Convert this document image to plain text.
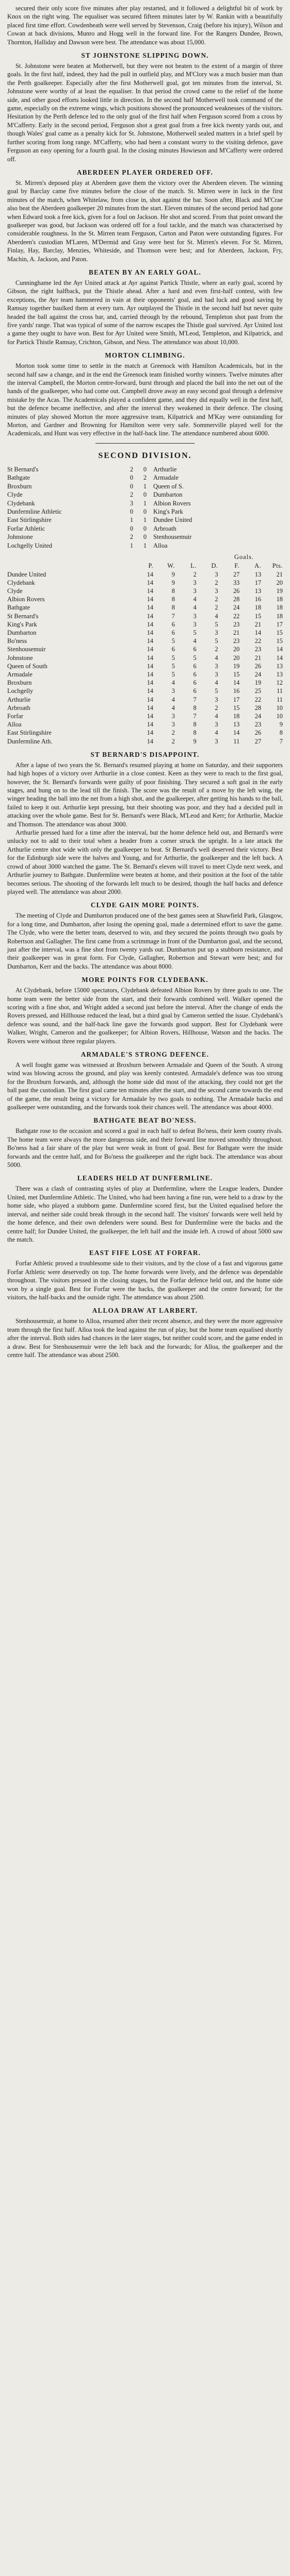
secured their only score five minutes after play restarted, and it followed a delightful bit of work by Knox on the right wing. The equaliser was secured fifteen minutes later by W. Rankin with a beautifully placed first time effort. Cowdenbeath were well served by Stevenson, Craig (before his injury), Wilson and Cowan at back divisions, Munro and Hogg well in the forward line. For the Rangers Dundee, Brown, Thornton, Halliday and Dawson were best. The attendance was about 15,000.

ST JOHNSTONE SLIPPING DOWN.

St. Johnstone were beaten at Motherwell, but they were not beaten to the extent of a margin of three goals. In the first half, indeed, they had the pull in outfield play, and M'Clory was a much busier man than the Perth goalkeeper. Especially after the first Motherwell goal, got ten minutes from the interval, St. Johnstone were worthy of at least the equaliser. In that period the crowd came to the relief of the home side, and other good efforts looked little in direction. In the second half Motherwell took command of the game, especially on the extreme wings, which positions showed the pronounced weaknesses of the visitors. Hesitation by the Perth defence led to the only goal of the first half when Ferguson scored from a cross by M'Cafferty. Early in the second period, Ferguson shot a great goal from a free kick twenty yards out, and though Wales' goal came as a penalty kick for St. Johnstone, Motherwell sealed matters in a brief spell by further scoring from long range. M'Cafferty, who had been a constant worry to the visiting defence, gave Ferguson an easy opening for a fourth goal. In the closing minutes Howieson and M'Cafferty were ordered off.

ABERDEEN PLAYER ORDERED OFF.

St. Mirren's deposed play at Aberdeen gave them the victory over the Aberdeen eleven. The winning goal by Barclay came five minutes before the close of the match. St. Mirren were in luck in the first minutes of the match, when Whitelaw, from close in, shot against the bar. Soon after, Black and M'Crae also beat the Aberdeen goalkeeper 20 minutes from the start. Eleven minutes of the second period had gone when Edward took a free kick, given for a foul on Jackson. He shot and scored. From that point onward the goalkeeper was good, but Jackson was ordered off for a foul tackle, and the match was characterised by considerable roughness. In the St. Mirren team Ferguson, Carton and Paton were outstanding figures. For Aberdeen's custodian M'Laren, M'Dermid and Gray were best for St. Mirren's eleven. For St. Mirren, Finlay, Hay, Barclay, Menzies, Whiteside, and Thomson were best; and for Aberdeen, Jackson, Fry, Machin, A. Jackson, and Paton.

BEATEN BY AN EARLY GOAL.

Cunninghame led the Ayr United attack at Ayr against Partick Thistle, where an early goal, scored by Gibson, the right halfback, put the Thistle ahead. After a hard and even first-half contest, with few exceptions, the Ayr team hammered in vain at their opponents' goal, and had luck and good saving by Ramsay together baulked them at every turn. Ayr outplayed the Thistle in the second half but never quite headed the ball against the cross bar, and, carried through by the rebound, Templeton shot past from the five yards' range. That was typical of some of the narrow escapes the Thistle goal survived. Ayr United lost a game they ought to have won. Best for Ayr United were Smith, M'Leod, Templeton, and Kilpatrick, and for Partick Thistle Ramsay, Crichton, Gibson, and Ness. The attendance was about 10,000.

MORTON CLIMBING.

Morton took some time to settle in the match at Greenock with Hamilton Academicals, but in the second half saw a change, and in the end the Greenock team finished worthy winners. Twelve minutes after the interval Campbell, the Morton centre-forward, burst through and placed the ball into the net out of the hands of the goalkeeper, who had come out. Campbell drove away an easy second goal through a defensive mistake by the Acas. The Academicals played a confident game, and they did equally well in the first half, but the defence became ineffective, and after the interval they weakened in their defence. The closing minutes of play showed Morton the more aggressive team, Kilpatrick and M'Kay were outstanding for Morton, and Gardner and Browning for Hamilton were very safe. Sommerville played well for the Academicals, and Hunt was very effective in the half-back line. The attendance numbered about 6000.

SECOND DIVISION.
St Bernard's	2	0	Arthurlie
Bathgate	0	2	Armadale
Broxburn	0	1	Queen of S.
Clyde	2	0	Dumbarton
Clydebank	3	1	Albion Rovers
Dunfermline Athletic	0	0	King's Park
East Stirlingshire	1	1	Dundee United
Forfar Athletic	0	0	Arbroath
Johnstone	2	0	Stenhousemuir
Lochgelly United	1	1	Alloa
Goals.
	P.	W.	L.	D.	F.	A.	Pts.
Dundee United	14	9	2	3	27	13	21
Clydebank	14	9	3	2	33	17	20
Clyde	14	8	3	3	26	13	19
Albion Rovers	14	8	4	2	28	16	18
Bathgate	14	8	4	2	24	18	18
St Bernard's	14	7	3	4	22	15	18
King's Park	14	6	3	5	23	21	17
Dumbarton	14	6	5	3	21	14	15
Bo'ness	14	5	4	5	23	22	15
Stenhousemuir	14	6	6	2	20	23	14
Johnstone	14	5	5	4	20	21	14
Queen of South	14	5	6	3	19	26	13
Armadale	14	5	6	3	15	24	13
Broxburn	14	4	6	4	14	19	12
Lochgelly	14	3	6	5	16	25	11
Arthurlie	14	4	7	3	17	22	11
Arbroath	14	4	8	2	15	28	10
Forfar	14	3	7	4	18	24	10
Alloa	14	3	8	3	13	23	9
East Stirlingshire	14	2	8	4	14	26	8
Dunfermline Ath.	14	2	9	3	11	27	7
ST BERNARD'S DISAPPOINT.

After a lapse of two years the St. Bernard's resumed playing at home on Saturday, and their supporters had high hopes of a victory over Arthurlie in a close contest. Keen as they were to reach to the first goal, however, the St. Bernard's forwards were guilty of poor finishing. They secured a soft goal in the early stages, and hung on to the lead till the finish. The score was the result of a move by the left wing, the winger heading the ball into the net from a high shot, and the goalkeeper, after getting his hands to the ball, failed to keep it out. Arthurlie kept pressing, but their shooting was poor, and they had a decided pull in attacking over the whole game. Best for St. Bernard's were Black, M'Leod and Kerr; for Arthurlie, Mackie and Thomson. The attendance was about 3000.

Arthurlie pressed hard for a time after the interval, but the home defence held out, and Bernard's were unlucky not to add to their total when a header from a corner struck the upright. In a late attack the Arthurlie centre shot wide with only the goalkeeper to beat. St Bernard's well deserved their victory. Best for the Edinburgh side were the halves and Young, and for Arthurlie, the goalkeeper and the left back. A crowd of about 3000 watched the game. The St. Bernard's eleven will travel to meet Clyde next week, and Arthurlie journey to Bathgate. Dunfermline were beaten at home, and their position at the foot of the table becomes serious. The shooting of the forwards left much to be desired, though the half backs and defence played well. The attendance was about 2000.

CLYDE GAIN MORE POINTS.

The meeting of Clyde and Dumbarton produced one of the best games seen at Shawfield Park, Glasgow, for a long time, and Dumbarton, after losing the opening goal, made a determined effort to save the game. The Clyde, who were the better team, deserved to win, and they secured the points through two goals by Robertson and Gallagher. The first came from a scrimmage in front of the Dumbarton goal, and the second, just after the interval, was a fine shot from twenty yards out. Dumbarton put up a stubborn resistance, and their goalkeeper was in great form. For Clyde, Gallagher, Robertson and Stewart were best; and for Dumbarton, Kerr and the backs. The attendance was about 8000.

MORE POINTS FOR CLYDEBANK.

At Clydebank, before 15000 spectators, Clydebank defeated Albion Rovers by three goals to one. The home team were the better side from the start, and their forwards combined well. Walker opened the scoring with a fine shot, and Wright added a second just before the interval. After the change of ends the Rovers pressed, and Hillhouse reduced the lead, but a third goal by Cameron settled the issue. Clydebank's defence was sound, and the half-back line gave the forwards good support. Best for Clydebank were Walker, Wright, Cameron and the goalkeeper; for Albion Rovers, Hillhouse, Watson and the backs. The Rovers were without three regular players.

ARMADALE'S STRONG DEFENCE.

A well fought game was witnessed at Broxburn between Armadale and Queen of the South. A strong wind was blowing across the ground, and play was keenly contested. Armadale's defence was too strong for the Broxburn forwards, and, although the home side did most of the attacking, they could not get the ball past the custodian. The first goal came ten minutes after the start, and the second came towards the end of the game, the result being a victory for Armadale by two goals to nothing. The Armadale backs and goalkeeper were outstanding, and the forwards took their chances well. The attendance was about 4000.

BATHGATE BEAT BO'NESS.

Bathgate rose to the occasion and scored a goal in each half to defeat Bo'ness, their keen county rivals. The home team were always the more dangerous side, and their forward line moved smoothly throughout. Bo'ness had a fair share of the play but were weak in front of goal. Best for Bathgate were the inside forwards and the centre half, and for Bo'ness the goalkeeper and the right back. The attendance was about 5000.

LEADERS HELD AT DUNFERMLINE.

There was a clash of contrasting styles of play at Dunfermline, where the League leaders, Dundee United, met Dunfermline Athletic. The United, who had been having a fine run, were held to a draw by the home side, who played a stubborn game. Dunfermline scored first, but the United equalised before the interval, and neither side could break through in the second half. The visitors' forwards were well held by the home defence, and their own defenders were sound. Best for Dunfermline were the backs and the centre half; for Dundee United, the goalkeeper, the left half and the inside left. A crowd of about 5000 saw the match.

EAST FIFE LOSE AT FORFAR.

Forfar Athletic proved a troublesome side to their visitors, and by the close of a fast and vigorous game Forfar Athletic were deservedly on top. The home forwards were lively, and the defence was dependable throughout. The visitors pressed in the closing stages, but the Forfar defence held out, and the home side won by a single goal. Best for Forfar were the backs, the goalkeeper and the centre forward; for the visitors, the half-backs and the outside right. The attendance was about 2500.

ALLOA DRAW AT LARBERT.

Stenhousemuir, at home to Alloa, resumed after their recent absence, and they were the more aggressive team through the first half. Alloa took the lead against the run of play, but the home team equalised shortly after the interval. Both sides had chances in the later stages, but neither could score, and the game ended in a draw. Best for Stenhousemuir were the left back and the forwards; for Alloa, the goalkeeper and the centre half. The attendance was about 2500.
